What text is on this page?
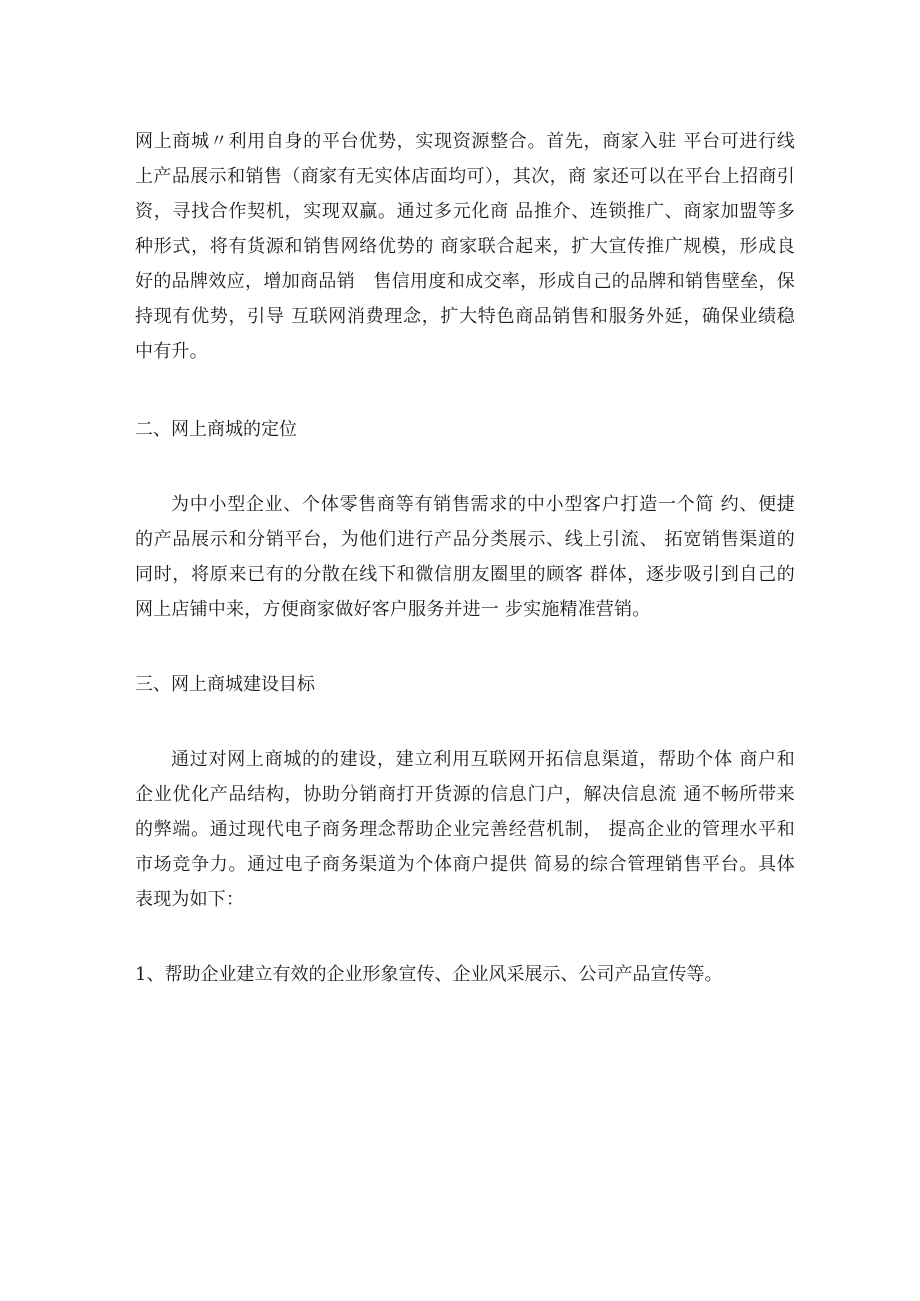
网上商城〃利用自身的平台优势，实现资源整合。首先，商家入驻 平台可进行线上产品展示和销售（商家有无实体店面均可），其次，商 家还可以在平台上招商引资，寻找合作契机，实现双赢。通过多元化商 品推介、连锁推广、商家加盟等多种形式，将有货源和销售网络优势的 商家联合起来，扩大宣传推广规模，形成良好的品牌效应，增加商品销　售信用度和成交率，形成自己的品牌和销售壁垒，保持现有优势，引导 互联网消费理念，扩大特色商品销售和服务外延，确保业绩稳中有升。

二、网上商城的定位

为中小型企业、个体零售商等有销售需求的中小型客户打造一个简 约、便捷的产品展示和分销平台，为他们进行产品分类展示、线上引流、 拓宽销售渠道的同时，将原来已有的分散在线下和微信朋友圈里的顾客 群体，逐步吸引到自己的网上店铺中来，方便商家做好客户服务并进一 步实施精准营销。

三、网上商城建设目标

通过对网上商城的的建设，建立利用互联网开拓信息渠道，帮助个体 商户和企业优化产品结构，协助分销商打开货源的信息门户，解决信息流 通不畅所带来的弊端。通过现代电子商务理念帮助企业完善经营机制， 提高企业的管理水平和市场竞争力。通过电子商务渠道为个体商户提供 简易的综合管理销售平台。具体表现为如下：

1、帮助企业建立有效的企业形象宣传、企业风采展示、公司产品宣传等。
